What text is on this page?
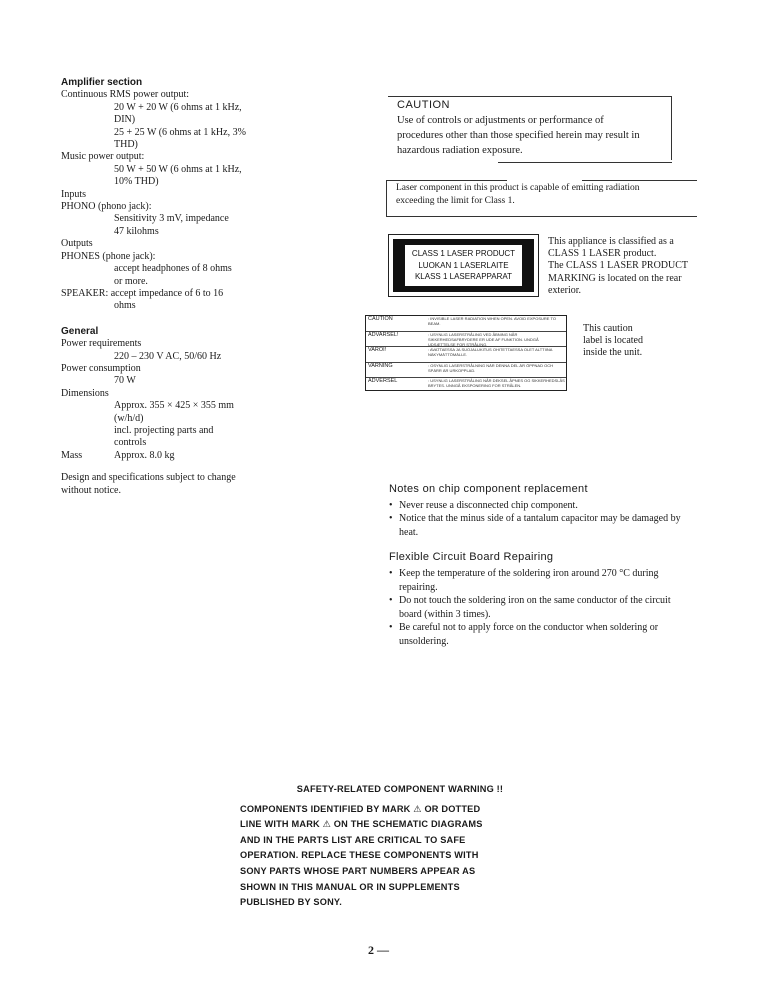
Amplifier section
Continuous RMS power output:
20 W + 20 W (6 ohms at 1 kHz,
DIN)
25 + 25 W (6 ohms at 1 kHz, 3%
THD)
Music power output:
50 W + 50 W (6 ohms at 1 kHz,
10% THD)
Inputs
PHONO (phono jack):
Sensitivity 3 mV, impedance
47 kilohms
Outputs
PHONES (phone jack):
accept headphones of 8 ohms
or more.
SPEAKER: accept impedance of 6 to 16
ohms
General
Power requirements
220 – 230 V AC, 50/60 Hz
Power consumption
70 W
Dimensions
Approx. 355 × 425 × 355 mm
(w/h/d)
incl. projecting parts and
controls
Mass	Approx. 8.0 kg
Design and specifications subject to change
without notice.
CAUTION
Use of controls or adjustments or performance of
procedures other than those specified herein may result in
hazardous radiation exposure.
Laser component in this product is capable of emitting radiation
exceeding the limit for Class 1.
CLASS 1 LASER PRODUCT
LUOKAN 1 LASERLAITE
KLASS 1 LASERAPPARAT
This appliance is classified as a
CLASS 1 LASER product.
The CLASS 1 LASER PRODUCT
MARKING is located on the rear
exterior.
CAUTION	: INVISIBLE LASER RADIATION WHEN OPEN. AVOID EXPOSURE TO BEAM.
ADVARSEL!	: USYNLIG LASERSTRÅLING VED ÅBNING NÅR SIKKERHEDSAFBRYDERE ER UDE AF FUNKTION. UNDGÅ UDSÆTTELSE FOR STRÅLING.
VAROI!	: AVATTAESSA JA SUOJALUKITUS OHITETTAESSA OLET ALTTIINA NÄKYMÄTTÖMÄLLE.
VARNING	: OSYNLIG LASERSTRÅLNING NÄR DENNA DEL ÄR ÖPPNAD OCH SPÄRR ÄR URKOPPLAD.
ADVERSEL	: USYNLIG LASERSTRÅLING NÅR DEKSEL ÅPNES OG SIKKERHEDSLÅS BRYTES. UNNGÅ EKSPONERING FOR STRÅLEN.
This caution
label is located
inside the unit.
Notes on chip component replacement
• Never reuse a disconnected chip component.
• Notice that the minus side of a tantalum capacitor may be damaged by heat.
Flexible Circuit Board Repairing
• Keep the temperature of the soldering iron around 270 °C during repairing.
• Do not touch the soldering iron on the same conductor of the circuit board (within 3 times).
• Be careful not to apply force on the conductor when soldering or unsoldering.
SAFETY-RELATED COMPONENT WARNING !!
COMPONENTS IDENTIFIED BY MARK ⚠ OR DOTTED
LINE WITH MARK ⚠ ON THE SCHEMATIC DIAGRAMS
AND IN THE PARTS LIST ARE CRITICAL TO SAFE
OPERATION. REPLACE THESE COMPONENTS WITH
SONY PARTS WHOSE PART NUMBERS APPEAR AS
SHOWN IN THIS MANUAL OR IN SUPPLEMENTS
PUBLISHED BY SONY.
2 —
